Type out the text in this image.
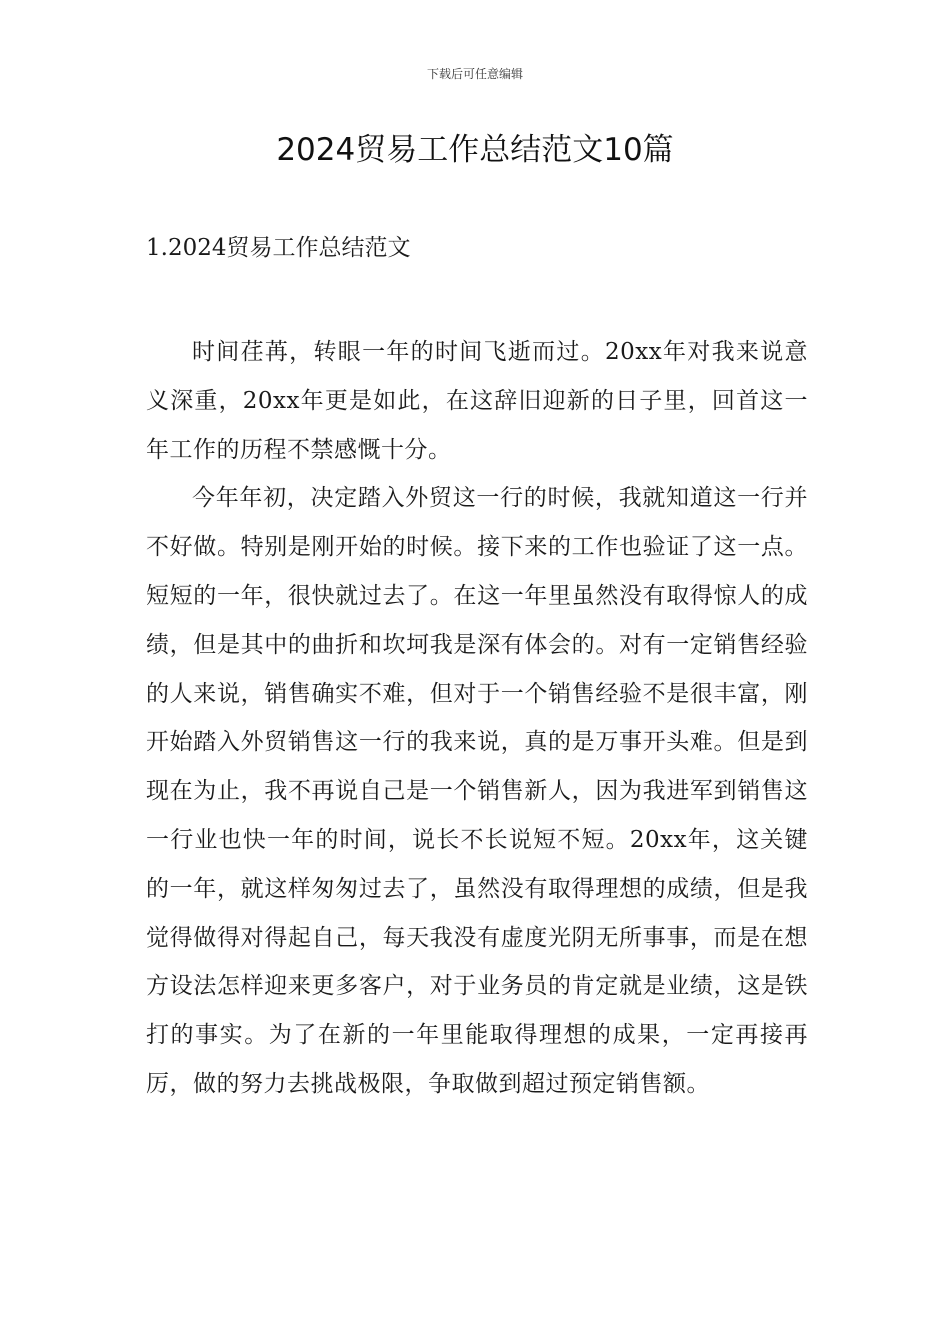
下载后可任意编辑
2024贸易工作总结范文10篇
1.2024贸易工作总结范文

时间荏苒，转眼一年的时间飞逝而过。20xx年对我来说意义深重，20xx年更是如此，在这辞旧迎新的日子里，回首这一年工作的历程不禁感慨十分。

今年年初，决定踏入外贸这一行的时候，我就知道这一行并不好做。特别是刚开始的时候。接下来的工作也验证了这一点。短短的一年，很快就过去了。在这一年里虽然没有取得惊人的成绩，但是其中的曲折和坎坷我是深有体会的。对有一定销售经验的人来说，销售确实不难，但对于一个销售经验不是很丰富，刚开始踏入外贸销售这一行的我来说，真的是万事开头难。但是到现在为止，我不再说自己是一个销售新人，因为我进军到销售这一行业也快一年的时间，说长不长说短不短。20xx年，这关键的一年，就这样匆匆过去了，虽然没有取得理想的成绩，但是我觉得做得对得起自己，每天我没有虚度光阴无所事事，而是在想方设法怎样迎来更多客户，对于业务员的肯定就是业绩，这是铁打的事实。为了在新的一年里能取得理想的成果，一定再接再厉，做的努力去挑战极限，争取做到超过预定销售额。
